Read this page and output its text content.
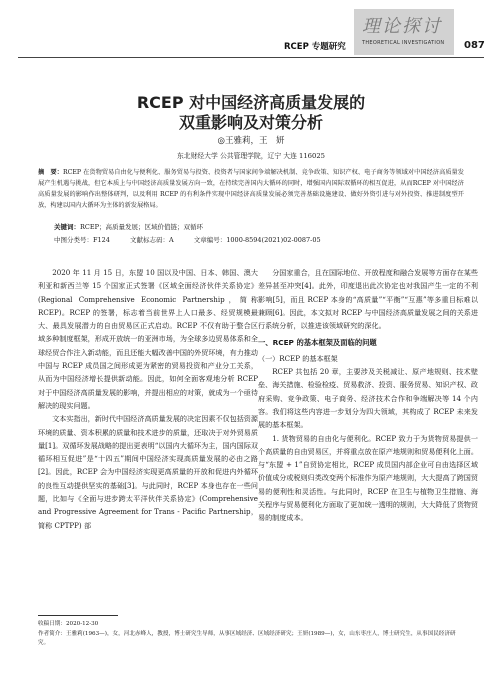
RCEP 专题研究
理论探讨
THEORETICAL INVESTIGATION 087
RCEP 对中国经济高质量发展的
双重影响及对策分析
◎王雅莉，王　妍
东北财经大学 公共管理学院，辽宁 大连 116025
摘　要：RCEP 在货物贸易自由化与便利化、服务贸易与投资、投资者与国家间争端解决机制、竞争政策、知识产权、电子商务等领域对中国经济高质量发展产生机遇与挑战，但它本质上与中国经济高质量发展方向一致，在持续完善国内大循环的同时，增强国内国际双循环的相互促进，从而RCEP 对中国经济高质量发展的影响作出整体研判，以及利用 RCEP 的有利条件实现中国经济高质量发展必须完善基础设施建设、做好外资引进与对外投资、推进制度型开放，构建以国内大循环为主体的新发展格局。
关键词：RCEP；高质量发展；区域价值链；双循环
中图分类号：F124	文献标志码：A	文章编号：1000-8594(2021)02-0087-05

2020 年 11 月 15 日，东盟 10 国以及中国、日本、韩国、澳大利亚和新西兰等 15 个国家正式签署《区域全面经济伙伴关系协定》(Regional Comprehensive Economic Partnership，简称 RCEP)。RCEP 的签署，标志着当前世界上人口最多、经贸规模最大、最具发展潜力的自由贸易区正式启动。RCEP 不仅有助于整合区域多种制度框架，形成开放统一的亚洲市场，为全球多边贸易体系和全球经贸合作注入新动能，而且还能大幅改善中国的外贸环境，有力推动中国与 RCEP 成员国之间形成更为紧密的贸易投资和产业分工关系，从而为中国经济增长提供新动能。因此，如何全面客观地分析 RCEP 对于中国经济高质量发展的影响，并提出相应的对策，就成为一个亟待解决的现实问题。

文本实指出，新时代中国经济高质量发展的决定因素不仅包括资源环境的质量、资本积累的质量和技术进步的质量，还取决于对外贸易质量[1]。双循环发展战略的提出更表明“以国内大循环为主，国内国际双循环相互促进”是“十四五”期间中国经济实现高质量发展的必由之路[2]。因此，RCEP 会为中国经济实现更高质量的开放和促进内外循环的良性互动提供坚实的基础[3]。与此同时，RCEP 本身也存在一些问题，比如与《全面与进步跨太平洋伙伴关系协定》(Comprehensive and Progressive Agreement for Trans - Pacific Partnership，简称 CPTPP) 部

分国家重合，且在国际地位、开放程度和融合发展等方面存在某些差异甚至冲突[4]。此外，印度退出此次协定也对我国产生一定的不利影响[5]，而且 RCEP 本身的“高质量”“平衡”“互惠”等多重目标难以兼顾[6]。因此，本文拟对 RCEP 与中国经济高质量发展之间的关系进行系统分析，以推进该领域研究的深化。

一、RCEP 的基本框架及面临的问题

（一）RCEP 的基本框架

RCEP 共包括 20 章，主要涉及关税减让、原产地规则、技术壁垒、海关措施、检验检疫、贸易救济、投资、服务贸易、知识产权、政府采购、竞争政策、电子商务、经济技术合作和争端解决等 14 个内容。我们将这些内容进一步划分为四大领域，其构成了 RCEP 未来发展的基本框架。

1. 货物贸易的自由化与便利化。RCEP 致力于为货物贸易提供一个高质量的自由贸易区，并将重点放在原产地规则和贸易便利化上面。与“东盟 + 1”自贸协定相比，RCEP 成员国内部企业可自由选择区域价值成分或税则归类改变两个标准作为原产地规则，大大提高了跨国贸易的便利性和灵活性。与此同时，RCEP 在卫生与植物卫生措施、海关程序与贸易便利化方面取了更加统一透明的规则，大大降低了货物贸易的制度成本。

收稿日期：2020-12-30
作者简介：王雅莉(1963—)，女，河北赤峰人，教授，博士研究生导师，从事区域经济、区域经济研究；王妍(1989—)，女，山东枣庄人，博士研究生，从事国民经济研究。
